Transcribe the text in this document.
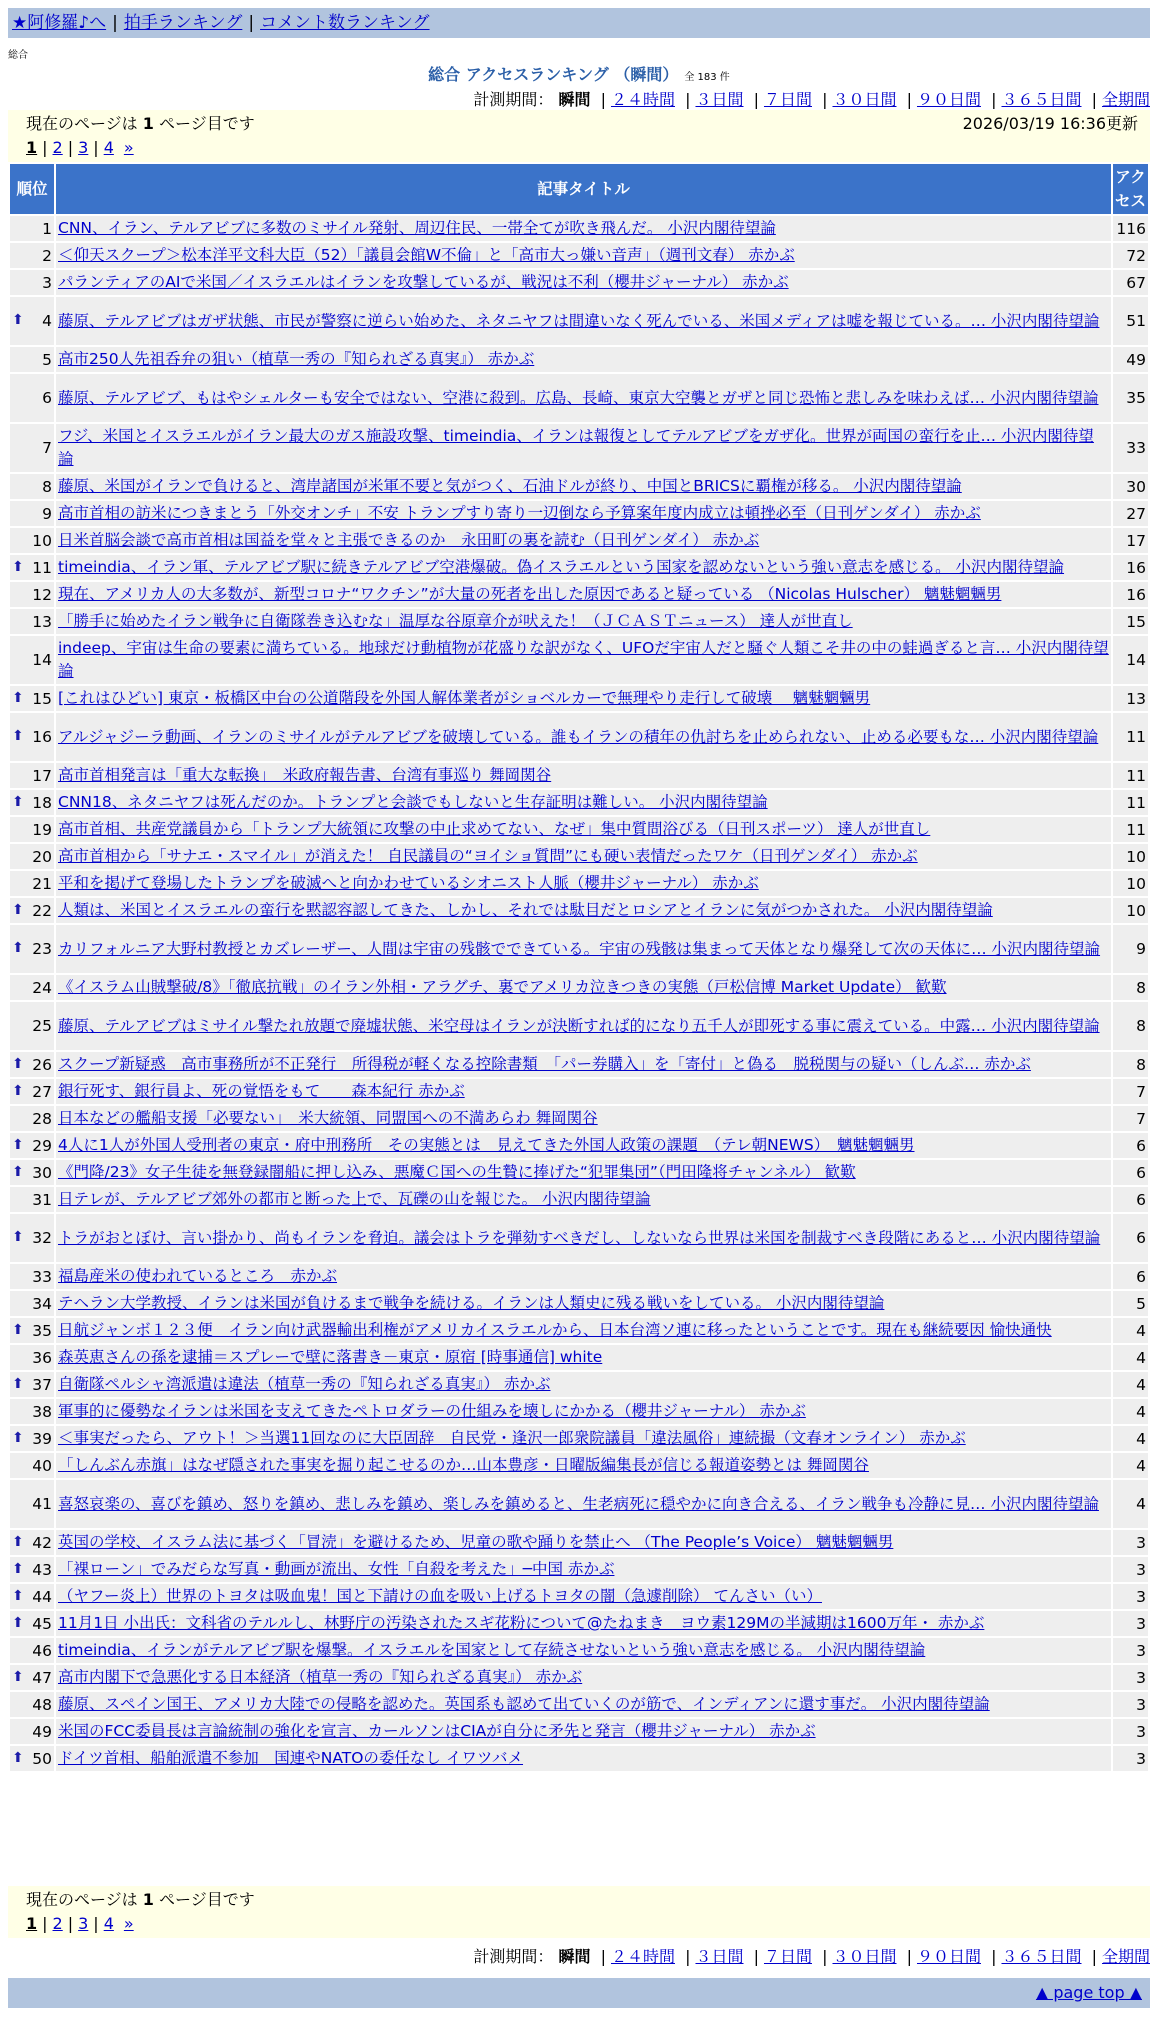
★阿修羅♪へ | 拍手ランキング | コメント数ランキング
総合
総合 アクセスランキング （瞬間） 全 183 件
計測期間： 瞬間 | ２４時間 | ３日間 | ７日間 | ３０日間 | ９０日間 | ３６５日間 | 全期間
現在のページは 1 ページ目です	2026/03/19 16:36更新
1 | 2 | 3 | 4 »
順位	記事タイトル	アクセス
1	CNN、イラン、テルアビブに多数のミサイル発射、周辺住民、一帯全てが吹き飛んだ。 小沢内閣待望論	116
2	＜仰天スクープ＞松本洋平文科大臣（52）「議員会館W不倫」と「高市大っ嫌い音声」（週刊文春） 赤かぶ	72
3	パランティアのAIで米国／イスラエルはイランを攻撃しているが、戦況は不利（櫻井ジャーナル） 赤かぶ	67

⬆ 4	藤原、テルアビブはガザ状態、市民が警察に逆らい始めた、ネタニヤフは間違いなく死んでいる、米国メディアは嘘を報じている。… 小沢内閣待望論	51
5	高市250人先祖呑弁の狙い（植草一秀の『知られざる真実』） 赤かぶ	49
6	藤原、テルアビブ、もはやシェルターも安全ではない、空港に殺到。広島、長崎、東京大空襲とガザと同じ恐怖と悲しみを味わえば… 小沢内閣待望論	35
7	フジ、米国とイスラエルがイラン最大のガス施設攻撃、timeindia、イランは報復としてテルアビブをガザ化。世界が両国の蛮行を止… 小沢内閣待望論	33
8	藤原、米国がイランで負けると、湾岸諸国が米軍不要と気がつく、石油ドルが終り、中国とBRICSに覇権が移る。 小沢内閣待望論	30
9	高市首相の訪米につきまとう「外交オンチ」不安 トランプすり寄り一辺倒なら予算案年度内成立は頓挫必至（日刊ゲンダイ） 赤かぶ	27
10	日米首脳会談で高市首相は国益を堂々と主張できるのか　永田町の裏を読む（日刊ゲンダイ） 赤かぶ	17

⬆ 11	timeindia、イラン軍、テルアビブ駅に続きテルアビブ空港爆破。偽イスラエルという国家を認めないという強い意志を感じる。 小沢内閣待望論	16
12	現在、アメリカ人の大多数が、新型コロナ“ワクチン”が大量の死者を出した原因であると疑っている （Nicolas Hulscher） 魑魅魍魎男	16
13	「勝手に始めたイラン戦争に自衛隊巻き込むな」温厚な谷原章介が吠えた！（ＪＣＡＳＴニュース） 達人が世直し	15
14	indeep、宇宙は生命の要素に満ちている。地球だけ動植物が花盛りな訳がなく、UFOだ宇宙人だと騒ぐ人類こそ井の中の蛙過ぎると言… 小沢内閣待望論	14

⬆ 15	[これはひどい] 東京・板橋区中台の公道階段を外国人解体業者がショベルカーで無理やり走行して破壊　 魑魅魍魎男	13

⬆ 16	アルジャジーラ動画、イランのミサイルがテルアビブを破壊している。誰もイランの積年の仇討ちを止められない、止める必要もな… 小沢内閣待望論	11
17	高市首相発言は「重大な転換」　米政府報告書、台湾有事巡り 舞岡関谷	11

⬆ 18	CNN18、ネタニヤフは死んだのか。トランプと会談でもしないと生存証明は難しい。 小沢内閣待望論	11
19	高市首相、共産党議員から「トランプ大統領に攻撃の中止求めてない、なぜ」集中質問浴びる（日刊スポーツ） 達人が世直し	11
20	高市首相から「サナエ・スマイル」が消えた！ 自民議員の“ヨイショ質問”にも硬い表情だったワケ（日刊ゲンダイ） 赤かぶ	10
21	平和を掲げて登場したトランプを破滅へと向かわせているシオニスト人脈（櫻井ジャーナル） 赤かぶ	10

⬆ 22	人類は、米国とイスラエルの蛮行を黙認容認してきた、しかし、それでは駄目だとロシアとイランに気がつかされた。 小沢内閣待望論	10

⬆ 23	カリフォルニア大野村教授とカズレーザー、人間は宇宙の残骸でできている。宇宙の残骸は集まって天体となり爆発して次の天体に… 小沢内閣待望論	9
24	《イスラム山賊撃破/8》「徹底抗戦」のイラン外相・アラグチ、裏でアメリカ泣きつきの実態（戸松信博 Market Update） 歓歎	8
25	藤原、テルアビブはミサイル撃たれ放題で廃墟状態、米空母はイランが決断すれば的になり五千人が即死する事に震えている。中露… 小沢内閣待望論	8

⬆ 26	スクープ新疑惑　高市事務所が不正発行　所得税が軽くなる控除書類　「パー券購入」を「寄付」と偽る　脱税関与の疑い（しんぶ… 赤かぶ	8

⬆ 27	銀行死す、銀行員よ、死の覚悟をもて　　森本紀行 赤かぶ	7
28	日本などの艦船支援「必要ない」　米大統領、同盟国への不満あらわ 舞岡関谷	7

⬆ 29	4人に1人が外国人受刑者の東京・府中刑務所　その実態とは　見えてきた外国人政策の課題　（テレ朝NEWS）　魑魅魍魎男	6

⬆ 30	《門降/23》女子生徒を無登録闇船に押し込み、悪魔Ｃ国への生贄に捧げた“犯罪集団”（門田隆将チャンネル） 歓歎	6
31	日テレが、テルアビブ郊外の都市と断った上で、瓦礫の山を報じた。 小沢内閣待望論	6

⬆ 32	トラがおとぼけ、言い掛かり、尚もイランを脅迫。議会はトラを弾劾すべきだし、しないなら世界は米国を制裁すべき段階にあると… 小沢内閣待望論	6
33	福島産米の使われているところ　赤かぶ	6
34	テヘラン大学教授、イランは米国が負けるまで戦争を続ける。イランは人類史に残る戦いをしている。 小沢内閣待望論	5

⬆ 35	日航ジャンボ１２３便　イラン向け武器輸出利権がアメリカイスラエルから、日本台湾ソ連に移ったということです。現在も継続要因 愉快通快	4
36	森英恵さんの孫を逮捕＝スプレーで壁に落書き－東京・原宿 [時事通信] white	4

⬆ 37	自衛隊ペルシャ湾派遣は違法（植草一秀の『知られざる真実』） 赤かぶ	4
38	軍事的に優勢なイランは米国を支えてきたペトロダラーの仕組みを壊しにかかる（櫻井ジャーナル） 赤かぶ	4

⬆ 39	＜事実だったら、アウト！＞当選11回なのに大臣固辞　自民党・逢沢一郎衆院議員「違法風俗」連続撮（文春オンライン） 赤かぶ	4
40	「しんぶん赤旗」はなぜ隠された事実を掘り起こせるのか…山本豊彦・日曜版編集長が信じる報道姿勢とは 舞岡関谷	4
41	喜怒哀楽の、喜びを鎮め、怒りを鎮め、悲しみを鎮め、楽しみを鎮めると、生老病死に穏やかに向き合える、イラン戦争も冷静に見… 小沢内閣待望論	4

⬆ 42	英国の学校、イスラム法に基づく「冒涜」を避けるため、児童の歌や踊りを禁止へ （The People’s Voice） 魑魅魍魎男	3

⬆ 43	「裸ローン」でみだらな写真・動画が流出、女性「自殺を考えた」─中国 赤かぶ	3

⬆ 44	（ヤフー炎上）世界のトヨタは吸血鬼！国と下請けの血を吸い上げるトヨタの闇（急遽削除） てんさい（い）	3

⬆ 45	11月1日 小出氏：文科省のテルルし、林野庁の汚染されたスギ花粉について@たねまき　ヨウ素129Mの半減期は1600万年・ 赤かぶ	3
46	timeindia、イランがテルアビブ駅を爆撃。イスラエルを国家として存続させないという強い意志を感じる。 小沢内閣待望論	3

⬆ 47	高市内閣下で急悪化する日本経済（植草一秀の『知られざる真実』） 赤かぶ	3
48	藤原、スペイン国王、アメリカ大陸での侵略を認めた。英国系も認めて出ていくのが筋で、インディアンに還す事だ。 小沢内閣待望論	3
49	米国のFCC委員長は言論統制の強化を宣言、カールソンはCIAが自分に矛先と発言（櫻井ジャーナル） 赤かぶ	3

⬆ 50	ドイツ首相、船舶派遣不参加　国連やNATOの委任なし イワツバメ	3
現在のページは 1 ページ目です
1 | 2 | 3 | 4 »
計測期間： 瞬間 | ２４時間 | ３日間 | ７日間 | ３０日間 | ９０日間 | ３６５日間 | 全期間
▲ page top ▲
